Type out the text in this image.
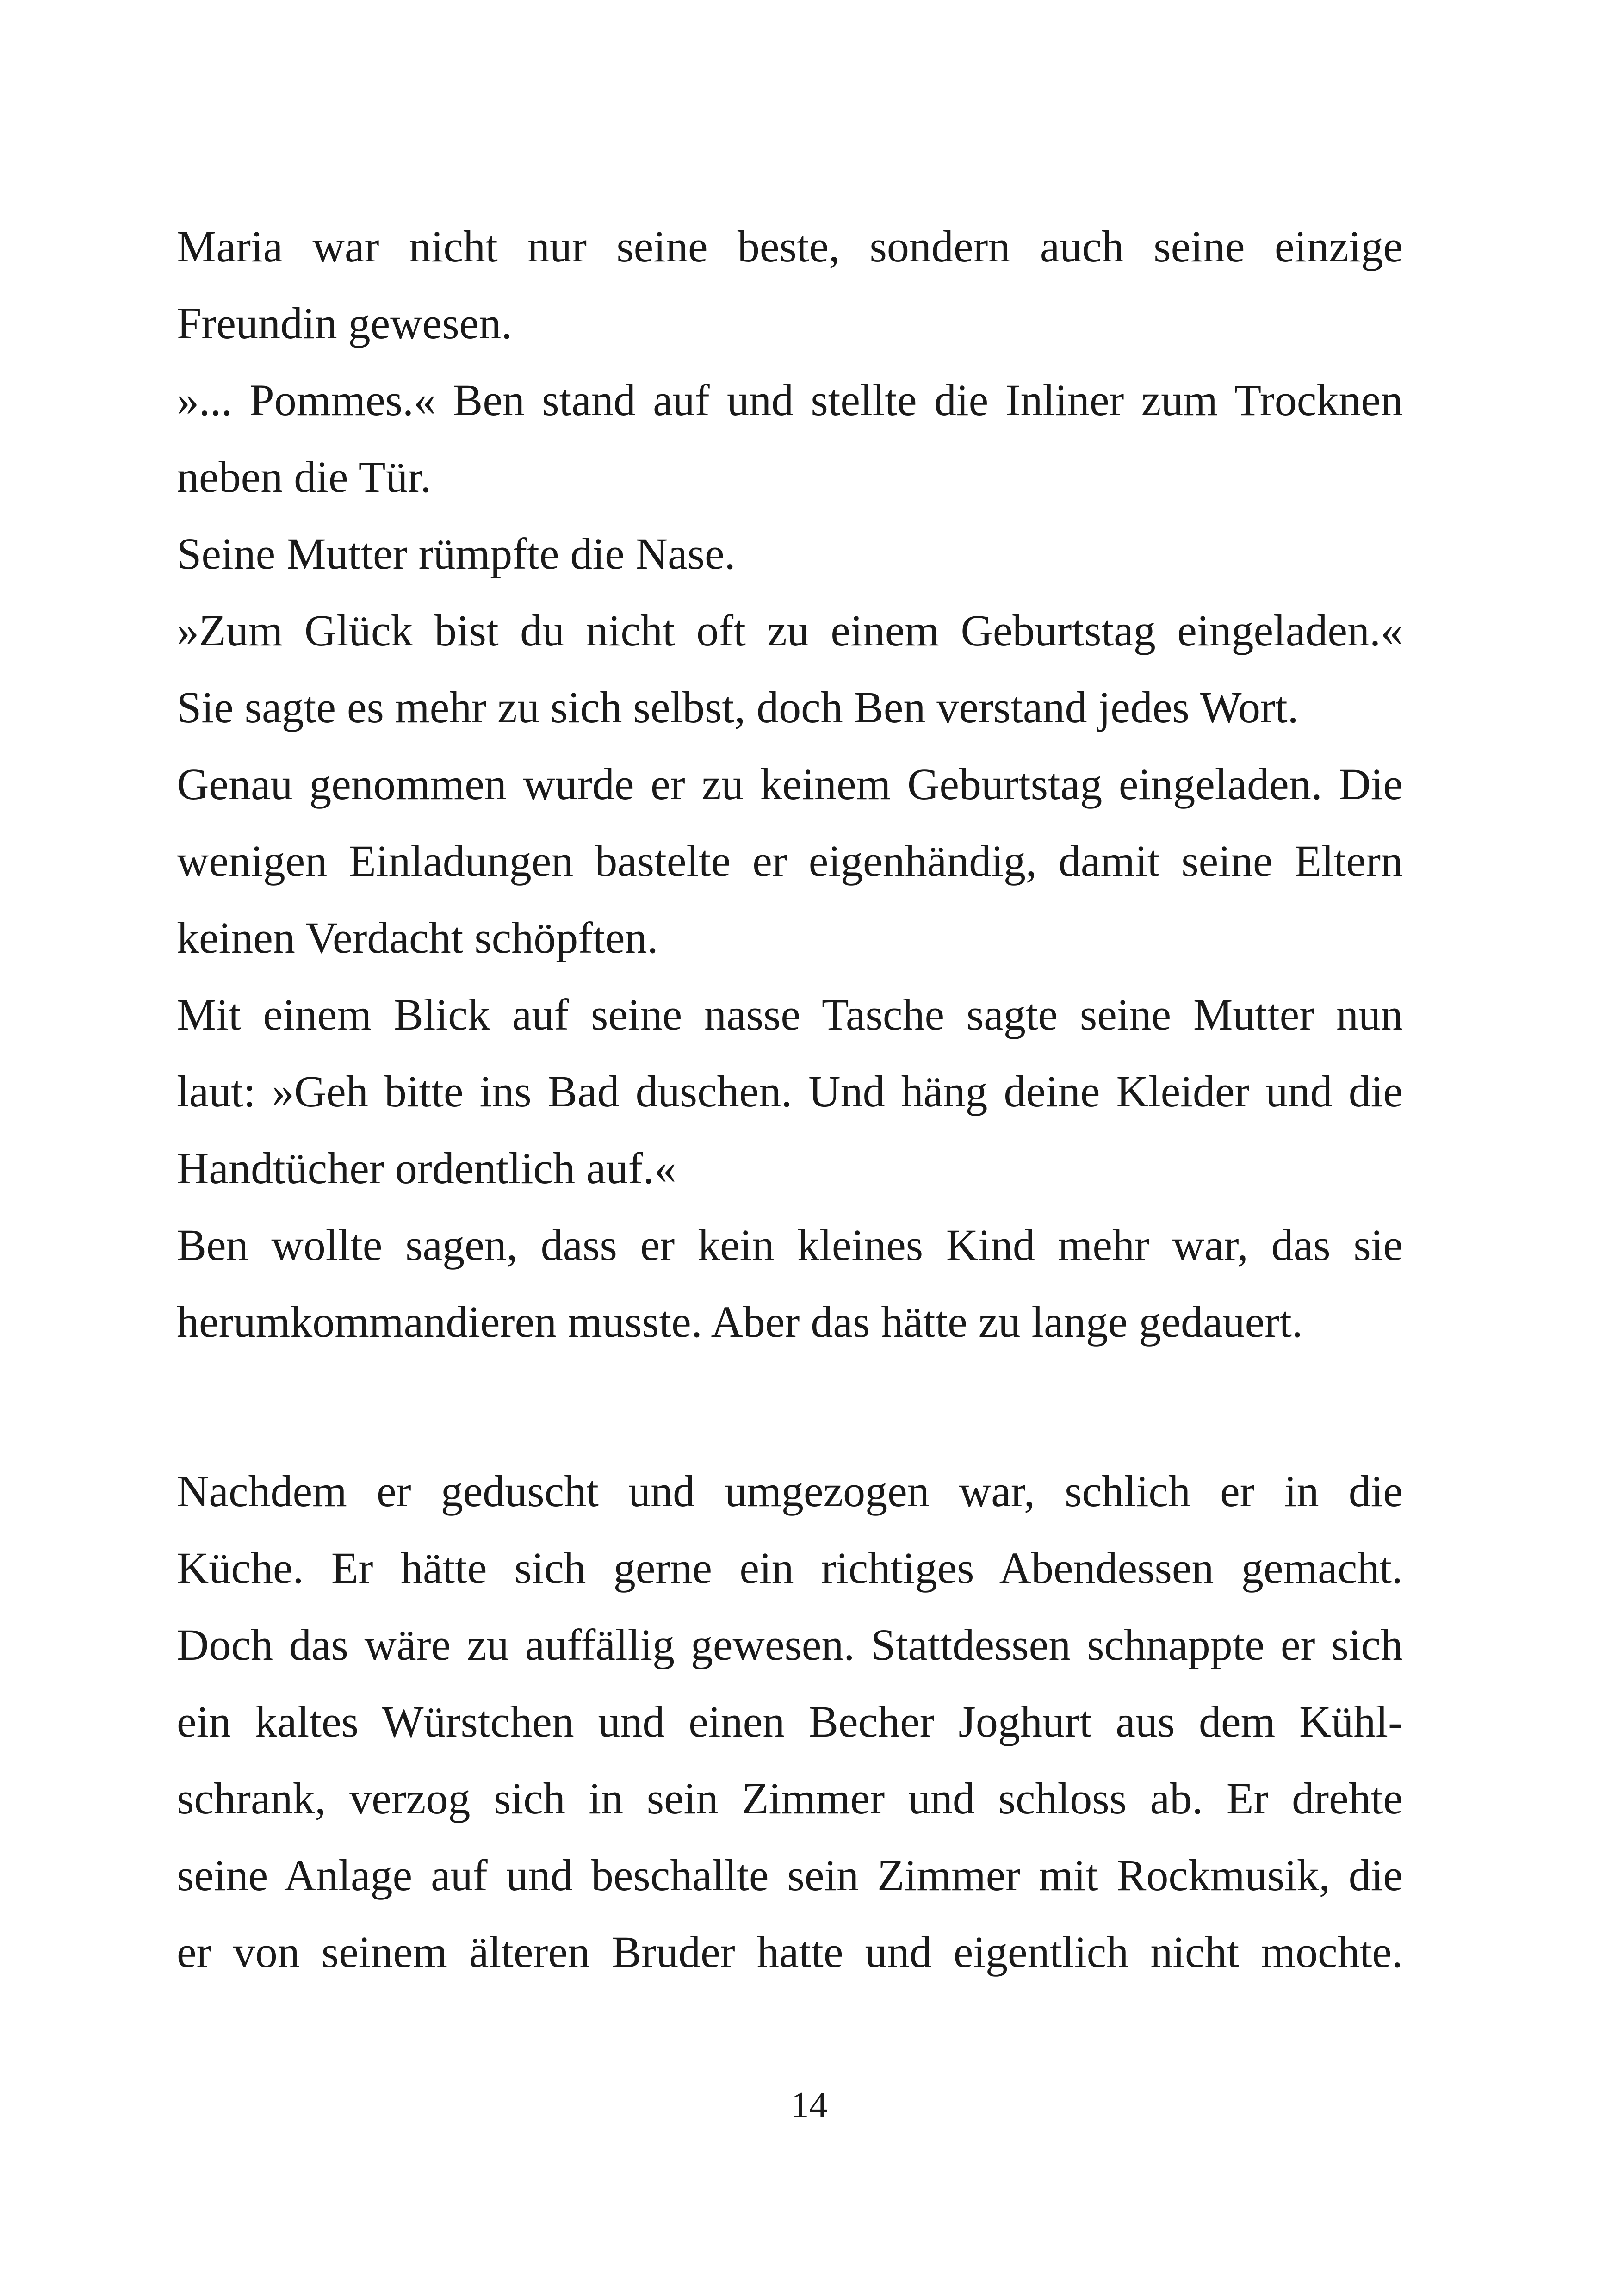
Maria war nicht nur seine beste, sondern auch seine einzige
Freundin gewesen.

»... Pommes.« Ben stand auf und stellte die Inliner zum Trocknen
neben die Tür.

Seine Mutter rümpfte die Nase.

»Zum Glück bist du nicht oft zu einem Geburtstag eingeladen.«
Sie sagte es mehr zu sich selbst, doch Ben verstand jedes Wort.

Genau genommen wurde er zu keinem Geburtstag eingeladen. Die
wenigen Einladungen bastelte er eigenhändig, damit seine Eltern
keinen Verdacht schöpften.

Mit einem Blick auf seine nasse Tasche sagte seine Mutter nun
laut: »Geh bitte ins Bad duschen. Und häng deine Kleider und die
Handtücher ordentlich auf.«

Ben wollte sagen, dass er kein kleines Kind mehr war, das sie
herumkommandieren musste. Aber das hätte zu lange gedauert.

Nachdem er geduscht und umgezogen war, schlich er in die
Küche. Er hätte sich gerne ein richtiges Abendessen gemacht.
Doch das wäre zu auffällig gewesen. Stattdessen schnappte er sich
ein kaltes Würstchen und einen Becher Joghurt aus dem Kühl-
schrank, verzog sich in sein Zimmer und schloss ab. Er drehte
seine Anlage auf und beschallte sein Zimmer mit Rockmusik, die
er von seinem älteren Bruder hatte und eigentlich nicht mochte.

14
